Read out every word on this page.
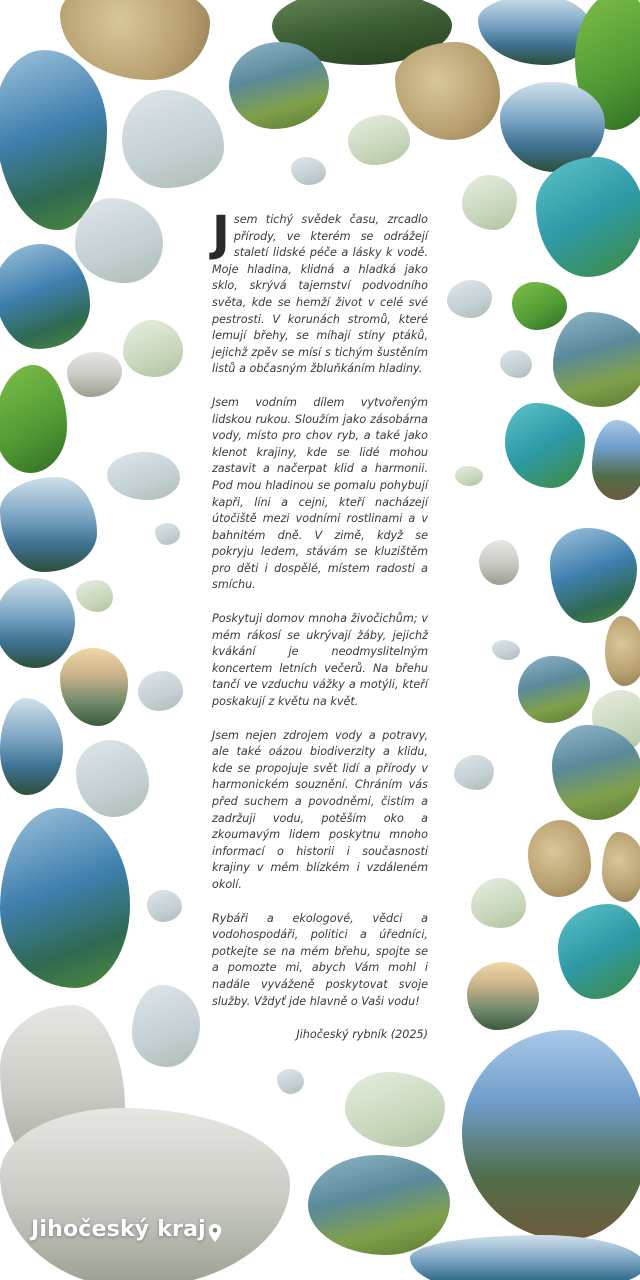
Jsem tichý svědek času, zrcadlo přírody, ve kterém se odrážejí staletí lidské péče a lásky k vodě. Moje hladina, klidná a hladká jako sklo, skrývá tajemství podvodního světa, kde se hemží život v celé své pestrosti. V korunách stromů, které lemují břehy, se míhají stíny ptáků, jejichž zpěv se mísí s tichým šustěním listů a občasným žbluňkáním hladiny.

Jsem vodním dílem vytvořeným lidskou rukou. Sloužím jako zásobárna vody, místo pro chov ryb, a také jako klenot krajiny, kde se lidé mohou zastavit a načerpat klid a harmonii. Pod mou hladinou se pomalu pohybují kapři, líni a cejni, kteří nacházejí útočiště mezi vodními rostlinami a v bahnitém dně. V zimě, když se pokryju ledem, stávám se kluzištěm pro děti i dospělé, místem radosti a smíchu.

Poskytuji domov mnoha živočichům; v mém rákosí se ukrývají žáby, jejichž kvákání je neodmyslitelným koncertem letních večerů. Na břehu tančí ve vzduchu vážky a motýli, kteří poskakují z květu na květ.

Jsem nejen zdrojem vody a potravy, ale také oázou biodiverzity a klidu, kde se propojuje svět lidí a přírody v harmonickém souznění. Chráním vás před suchem a povodněmi, čistím a zadržuji vodu, potěším oko a zkoumavým lidem poskytnu mnoho informací o historii i současnosti krajiny v mém blízkém i vzdáleném okolí.

Rybáři a ekologové, vědci a vodohospodáři, politici a úředníci, potkejte se na mém břehu, spojte se a pomozte mi, abych Vám mohl i nadále vyváženě poskytovat svoje služby. Vždyť jde hlavně o Vaši vodu!

Jihočeský rybník (2025)

Jihočeský kraj
